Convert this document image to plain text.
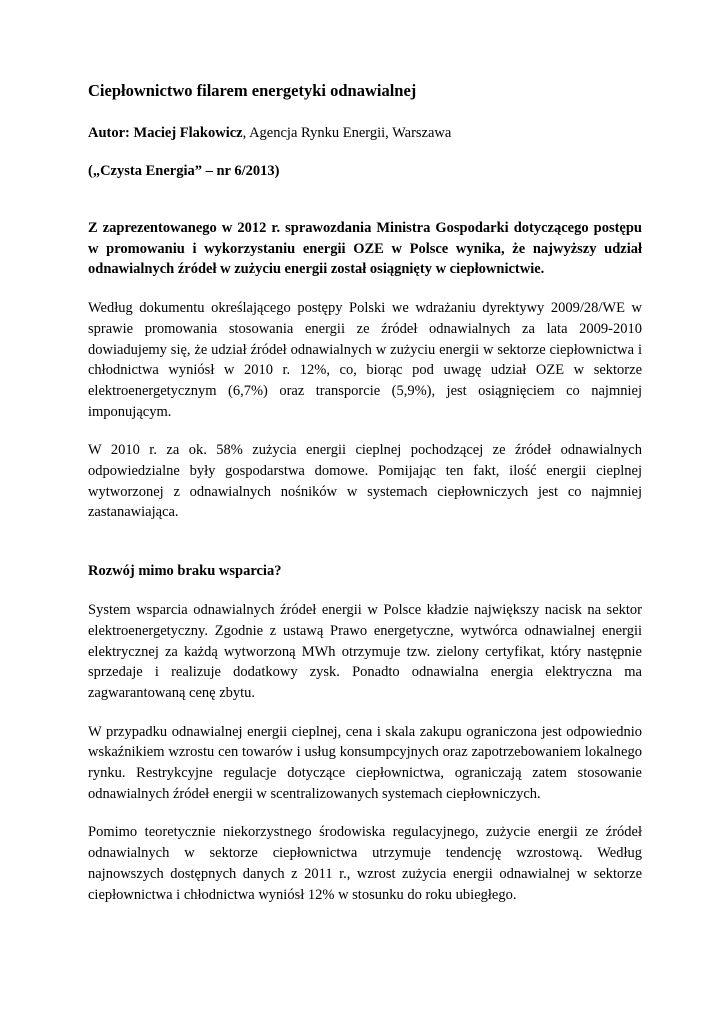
Ciepłownictwo filarem energetyki odnawialnej

Autor: Maciej Flakowicz, Agencja Rynku Energii, Warszawa

(„Czysta Energia” – nr 6/2013)

Z zaprezentowanego w 2012 r. sprawozdania Ministra Gospodarki dotyczącego postępu w promowaniu i wykorzystaniu energii OZE w Polsce wynika, że najwyższy udział odnawialnych źródeł w zużyciu energii został osiągnięty w ciepłownictwie.

Według dokumentu określającego postępy Polski we wdrażaniu dyrektywy 2009/28/WE w sprawie promowania stosowania energii ze źródeł odnawialnych za lata 2009-2010 dowiadujemy się, że udział źródeł odnawialnych w zużyciu energii w sektorze ciepłownictwa i chłodnictwa wyniósł w 2010 r. 12%, co, biorąc pod uwagę udział OZE w sektorze elektroenergetycznym (6,7%) oraz transporcie (5,9%), jest osiągnięciem co najmniej imponującym.

W 2010 r. za ok. 58% zużycia energii cieplnej pochodzącej ze źródeł odnawialnych odpowiedzialne były gospodarstwa domowe. Pomijając ten fakt, ilość energii cieplnej wytworzonej z odnawialnych nośników w systemach ciepłowniczych jest co najmniej zastanawiająca.

Rozwój mimo braku wsparcia?

System wsparcia odnawialnych źródeł energii w Polsce kładzie największy nacisk na sektor elektroenergetyczny. Zgodnie z ustawą Prawo energetyczne, wytwórca odnawialnej energii elektrycznej za każdą wytworzoną MWh otrzymuje tzw. zielony certyfikat, który następnie sprzedaje i realizuje dodatkowy zysk. Ponadto odnawialna energia elektryczna ma zagwarantowaną cenę zbytu.

W przypadku odnawialnej energii cieplnej, cena i skala zakupu ograniczona jest odpowiednio wskaźnikiem wzrostu cen towarów i usług konsumpcyjnych oraz zapotrzebowaniem lokalnego rynku. Restrykcyjne regulacje dotyczące ciepłownictwa, ograniczają zatem stosowanie odnawialnych źródeł energii w scentralizowanych systemach ciepłowniczych.

Pomimo teoretycznie niekorzystnego środowiska regulacyjnego, zużycie energii ze źródeł odnawialnych w sektorze ciepłownictwa utrzymuje tendencję wzrostową. Według najnowszych dostępnych danych z 2011 r., wzrost zużycia energii odnawialnej w sektorze ciepłownictwa i chłodnictwa wyniósł 12% w stosunku do roku ubiegłego.
